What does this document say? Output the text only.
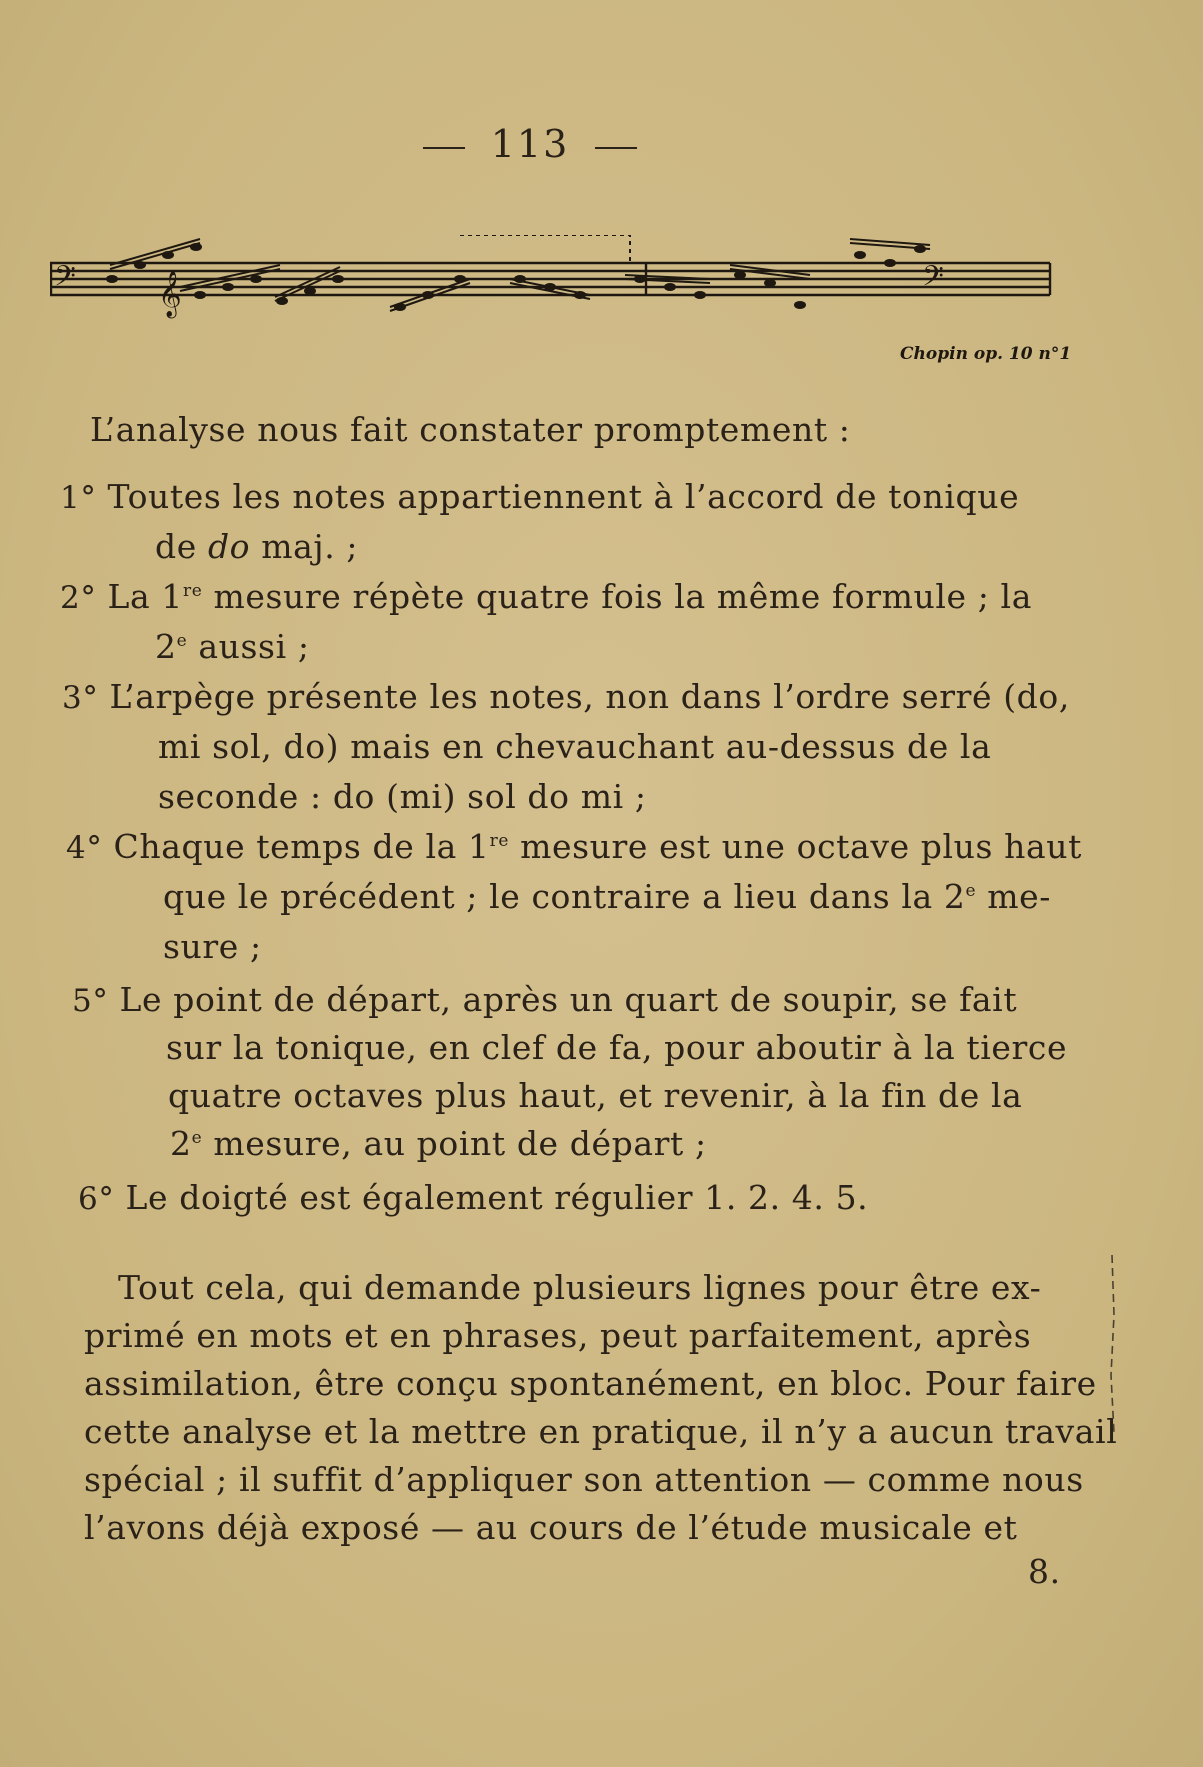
113
𝄢	𝄢
𝄞
Chopin op. 10 n°1
L’analyse nous fait constater promptement :
1° Toutes les notes appartiennent à l’accord de tonique
de do maj. ;
2° La 1re mesure répète quatre fois la même formule ; la
2e aussi ;
3° L’arpège présente les notes, non dans l’ordre serré (do,
mi sol, do) mais en chevauchant au-dessus de la
seconde : do (mi) sol do mi ;
4° Chaque temps de la 1re mesure est une octave plus haut
que le précédent ; le contraire a lieu dans la 2e me-
sure ;
5° Le point de départ, après un quart de soupir, se fait
sur la tonique, en clef de fa, pour aboutir à la tierce
quatre octaves plus haut, et revenir, à la fin de la
2e mesure, au point de départ ;
6° Le doigté est également régulier 1. 2. 4. 5.
Tout cela, qui demande plusieurs lignes pour être ex-
primé en mots et en phrases, peut parfaitement, après
assimilation, être conçu spontanément, en bloc. Pour faire
cette analyse et la mettre en pratique, il n’y a aucun travail
spécial ; il suffit d’appliquer son attention — comme nous
l’avons déjà exposé — au cours de l’étude musicale et
8.
